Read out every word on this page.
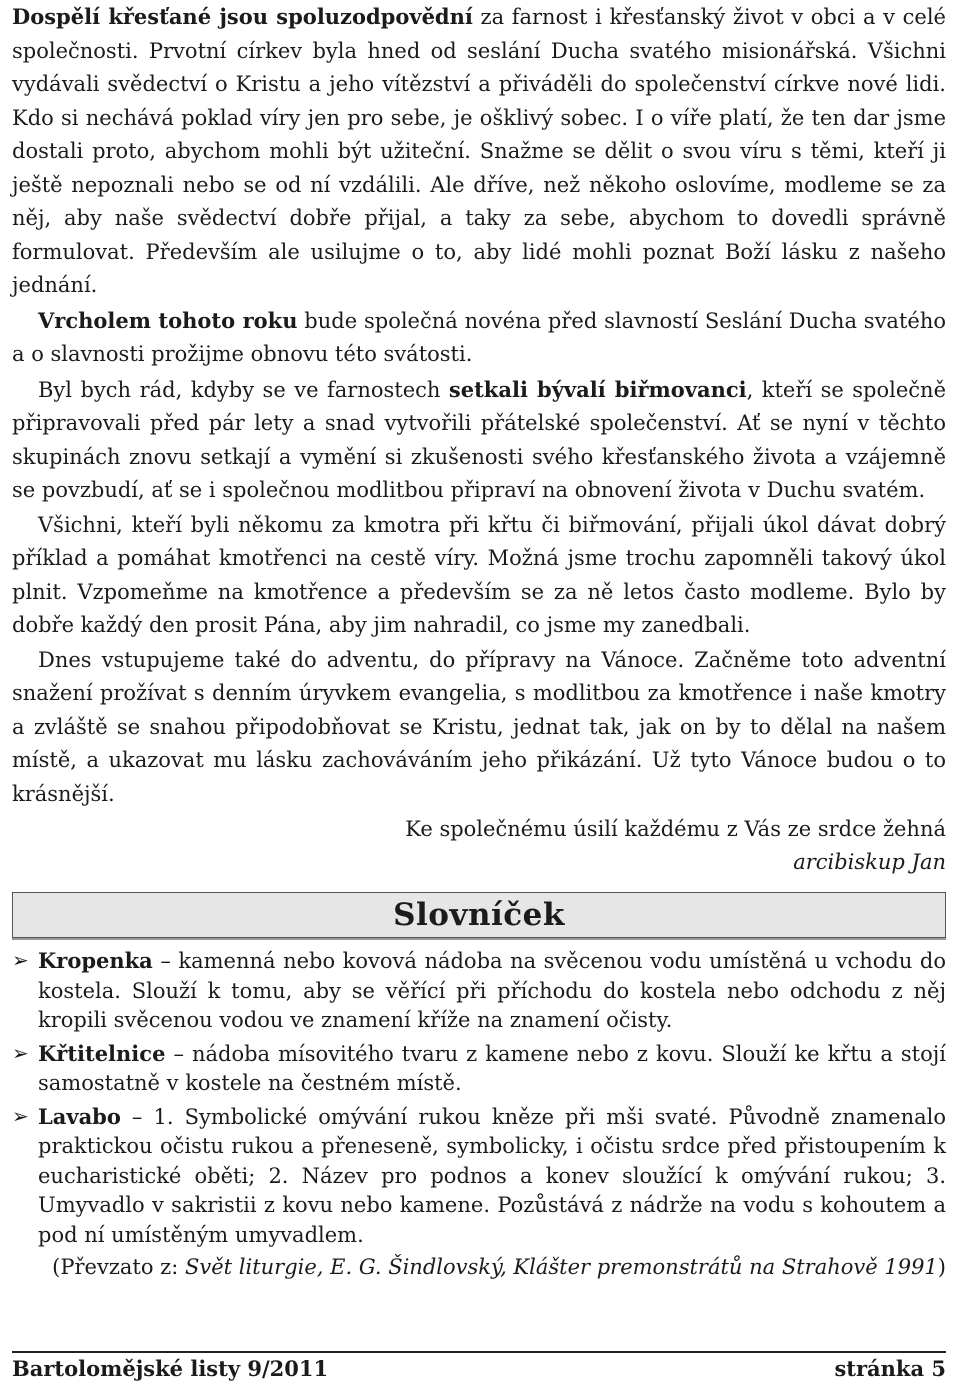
Dospělí křesťané jsou spoluzodpovědní za farnost i křesťanský život v obci a v celé společnosti. Prvotní církev byla hned od seslání Ducha svatého misionářská. Všichni vydávali svědectví o Kristu a jeho vítězství a přiváděli do společenství církve nové lidi. Kdo si nechává poklad víry jen pro sebe, je ošklivý sobec. I o víře platí, že ten dar jsme dostali proto, abychom mohli být užiteční. Snažme se dělit o svou víru s těmi, kteří ji ještě nepoznali nebo se od ní vzdálili. Ale dříve, než někoho oslovíme, modleme se za něj, aby naše svědectví dobře přijal, a taky za sebe, abychom to dovedli správně formulovat. Především ale usilujme o to, aby lidé mohli poznat Boží lásku z našeho jednání.

Vrcholem tohoto roku bude společná novéna před slavností Seslání Ducha svatého a o slavnosti prožijme obnovu této svátosti.

Byl bych rád, kdyby se ve farnostech setkali bývalí biřmovanci, kteří se společně připravovali před pár lety a snad vytvořili přátelské společenství. Ať se nyní v těchto skupinách znovu setkají a vymění si zkušenosti svého křesťanského života a vzájemně se povzbudí, ať se i společnou modlitbou připraví na obnovení života v Duchu svatém.

Všichni, kteří byli někomu za kmotra při křtu či biřmování, přijali úkol dávat dobrý příklad a pomáhat kmotřenci na cestě víry. Možná jsme trochu zapomněli takový úkol plnit. Vzpomeňme na kmotřence a především se za ně letos často modleme. Bylo by dobře každý den prosit Pána, aby jim nahradil, co jsme my zanedbali.

Dnes vstupujeme také do adventu, do přípravy na Vánoce. Začněme toto adventní snažení prožívat s denním úryvkem evangelia, s modlitbou za kmotřence i naše kmotry a zvláště se snahou připodobňovat se Kristu, jednat tak, jak on by to dělal na našem místě, a ukazovat mu lásku zachováváním jeho přikázání. Už tyto Vánoce budou o to krásnější.

Ke společnému úsilí každému z Vás ze srdce žehná
arcibiskup Jan
Slovníček
➢ Kropenka – kamenná nebo kovová nádoba na svěcenou vodu umístěná u vchodu do kostela. Slouží k tomu, aby se věřící při příchodu do kostela nebo odchodu z něj kropili svěcenou vodou ve znamení kříže na znamení očisty.
➢ Křtitelnice – nádoba mísovitého tvaru z kamene nebo z kovu. Slouží ke křtu a stojí samostatně v kostele na čestném místě.
➢ Lavabo – 1. Symbolické omývání rukou kněze při mši svaté. Původně znamenalo praktickou očistu rukou a přeneseně, symbolicky, i očistu srdce před přistoupením k eucharistické oběti; 2. Název pro podnos a konev sloužící k omývání rukou; 3. Umyvadlo v sakristii z kovu nebo kamene. Pozůstává z nádrže na vodu s kohoutem a pod ní umístěným umyvadlem.
(Převzato z: Svět liturgie, E. G. Šindlovský, Klášter premonstrátů na Strahově 1991)
Bartolomějské listy 9/2011	stránka 5
